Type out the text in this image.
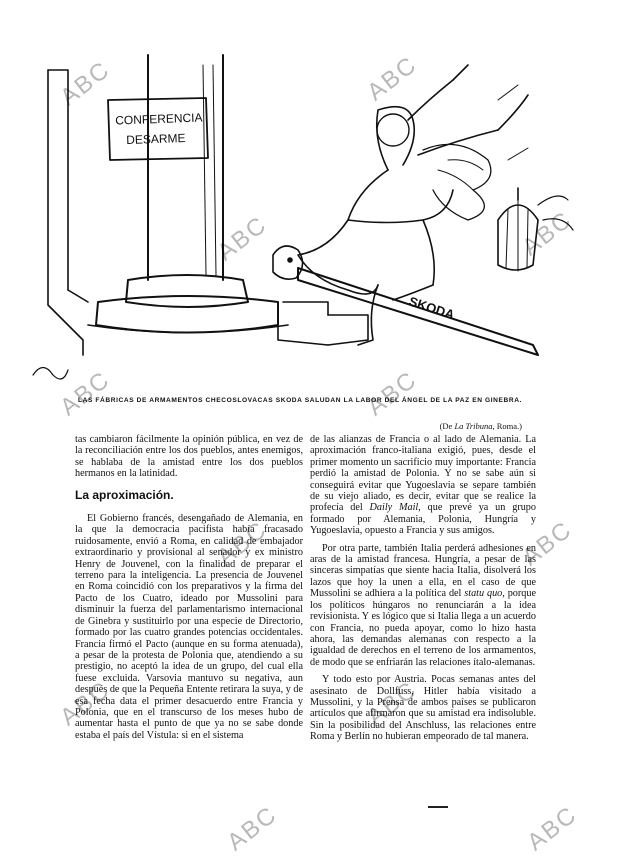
CONFERENCIA
DESARME
SKODA
LAS FÁBRICAS DE ARMAMENTOS CHECOSLOVACAS SKODA SALUDAN LA LABOR DEL ÁNGEL DE LA PAZ EN GINEBRA.
(De La Tribuna, Roma.)

tas cambiaron fácilmente la opinión pública, en vez de la reconciliación entre los dos pueblos, antes enemigos, se hablaba de la amistad entre los dos pueblos hermanos en la latinidad.

La aproximación.

El Gobierno francés, desengañado de Alemania, en la que la democracia pacifista había fracasado ruidosamente, envió a Roma, en calidad de embajador extraordinario y provisional al senador y ex ministro Henry de Jouvenel, con la finalidad de preparar el terreno para la inteligencia. La presencia de Jouvenel en Roma coincidió con los preparativos y la firma del Pacto de los Cuatro, ideado por Mussolini para disminuir la fuerza del parlamentarismo internacional de Ginebra y sustituirlo por una especie de Directorio, formado por las cuatro grandes potencias occidentales. Francia firmó el Pacto (aunque en su forma atenuada), a pesar de la protesta de Polonia que, atendiendo a su prestigio, no aceptó la idea de un grupo, del cual ella fuese excluida. Varsovia mantuvo su negativa, aun después de que la Pequeña Entente retirara la suya, y de esa fecha data el primer desacuerdo entre Francia y Polonia, que en el transcurso de los meses hubo de aumentar hasta el punto de que ya no se sabe donde estaba el país del Vístula: si en el sistema

de las alianzas de Francia o al lado de Alemania. La aproximación franco-italiana exigió, pues, desde el primer momento un sacrificio muy importante: Francia perdió la amistad de Polonia. Y no se sabe aún si conseguirá evitar que Yugoeslavia se separe también de su viejo aliado, es decir, evitar que se realice la profecía del Daily Mail, que prevé ya un grupo formado por Alemania, Polonia, Hungría y Yugoeslavia, opuesto a Francia y sus amigos.

Por otra parte, también Italia perderá adhesiones en aras de la amistad francesa. Hungría, a pesar de las sinceras simpatías que siente hacia Italia, disolverá los lazos que hoy la unen a ella, en el caso de que Mussolini se adhiera a la política del statu quo, porque los políticos húngaros no renunciarán a la idea revisionista. Y es lógico que si Italia llega a un acuerdo con Francia, no pueda apoyar, como lo hizo hasta ahora, las demandas alemanas con respecto a la igualdad de derechos en el terreno de los armamentos, de modo que se enfriarán las relaciones ítalo-alemanas.

Y todo esto por Austria. Pocas semanas antes del asesinato de Dollfuss, Hitler había visitado a Mussolini, y la Prensa de ambos países se publicaron artículos que afirmaron que su amistad era indisoluble. Sin la posibilidad del Anschluss, las relaciones entre Roma y Berlín no hubieran empeorado de tal manera.

ABC	ABC
ABC	ABC
ABC	ABC
ABC	ABC
ABC	ABC
ABC	ABC
